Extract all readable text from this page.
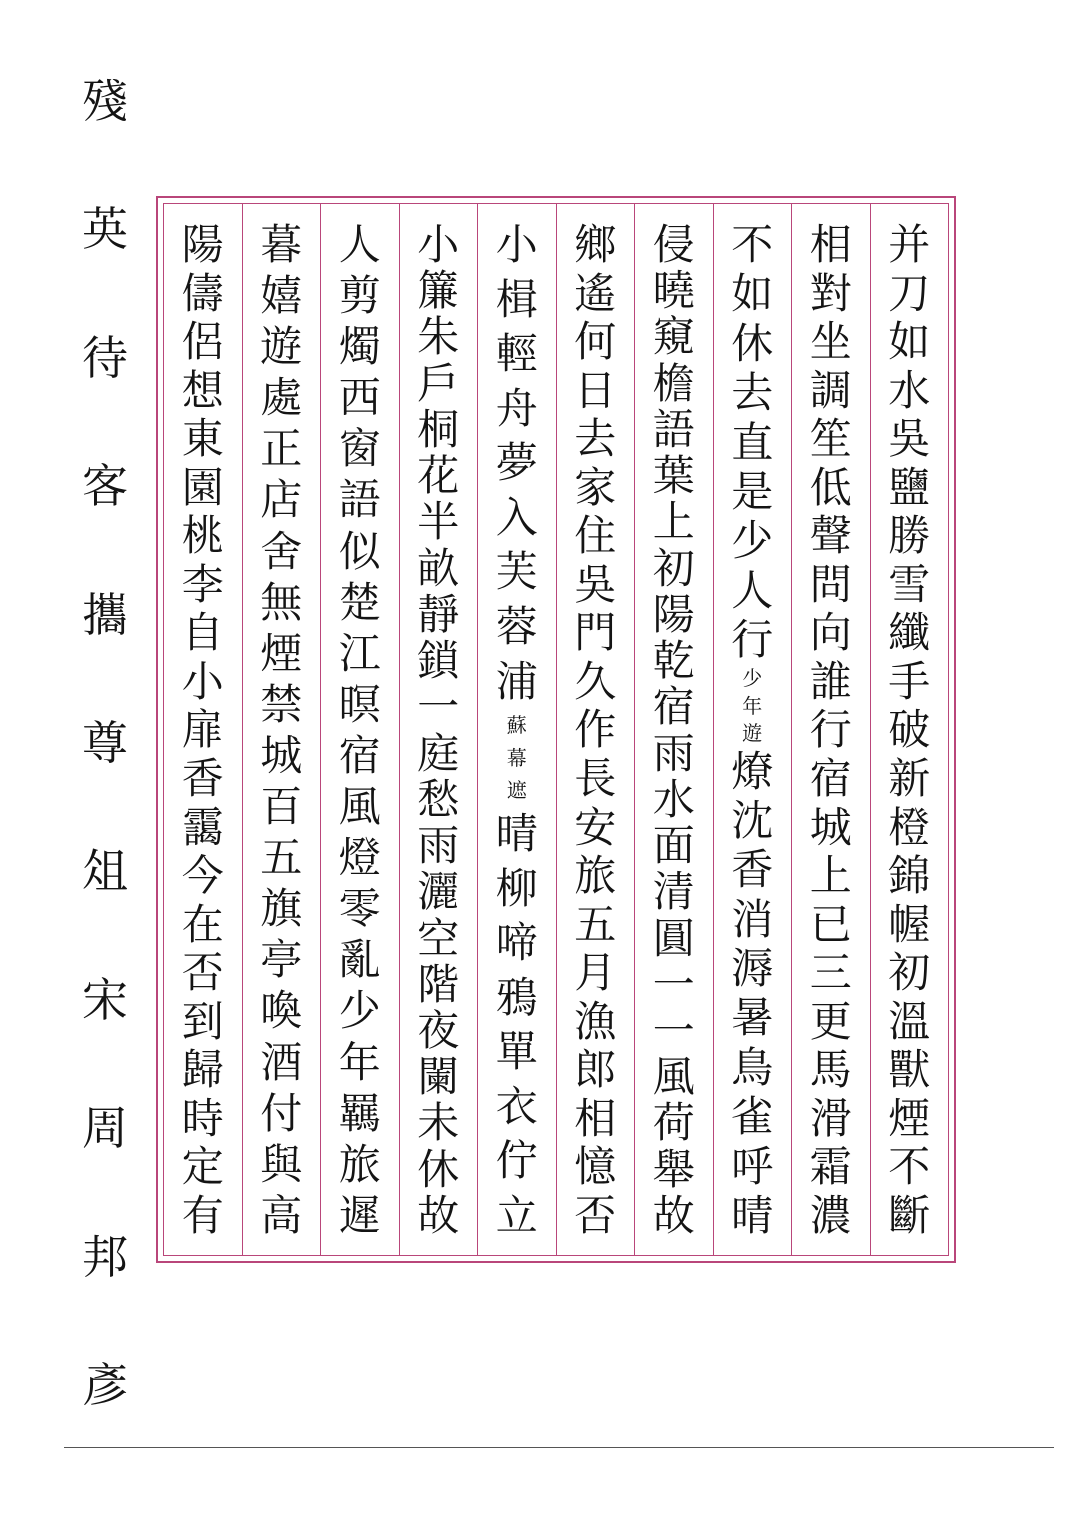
殘
英
待
客
攜
尊
俎
宋
周
邦
彥
并
刀
如
水
吳
鹽
勝
雪
纖
手
破
新
橙
錦
幄
初
溫
獸
煙
不
斷
相
對
坐
調
笙
低
聲
問
向
誰
行
宿
城
上
已
三
更
馬
滑
霜
濃
不
如
休
去
直
是
少
人
行
少
年
遊
燎
沈
香
消
溽
暑
鳥
雀
呼
晴
侵
曉
窺
檐
語
葉
上
初
陽
乾
宿
雨
水
面
清
圓
一
一
風
荷
舉
故
鄉
遙
何
日
去
家
住
吳
門
久
作
長
安
旅
五
月
漁
郎
相
憶
否
小
楫
輕
舟
夢
入
芙
蓉
浦
蘇
幕
遮
晴
柳
啼
鴉
單
衣
佇
立
小
簾
朱
戶
桐
花
半
畝
靜
鎖
一
庭
愁
雨
灑
空
階
夜
闌
未
休
故
人
剪
燭
西
窗
語
似
楚
江
暝
宿
風
燈
零
亂
少
年
羈
旅
遲
暮
嬉
遊
處
正
店
舍
無
煙
禁
城
百
五
旗
亭
喚
酒
付
與
高
陽
儔
侶
想
東
園
桃
李
自
小
扉
香
靄
今
在
否
到
歸
時
定
有
